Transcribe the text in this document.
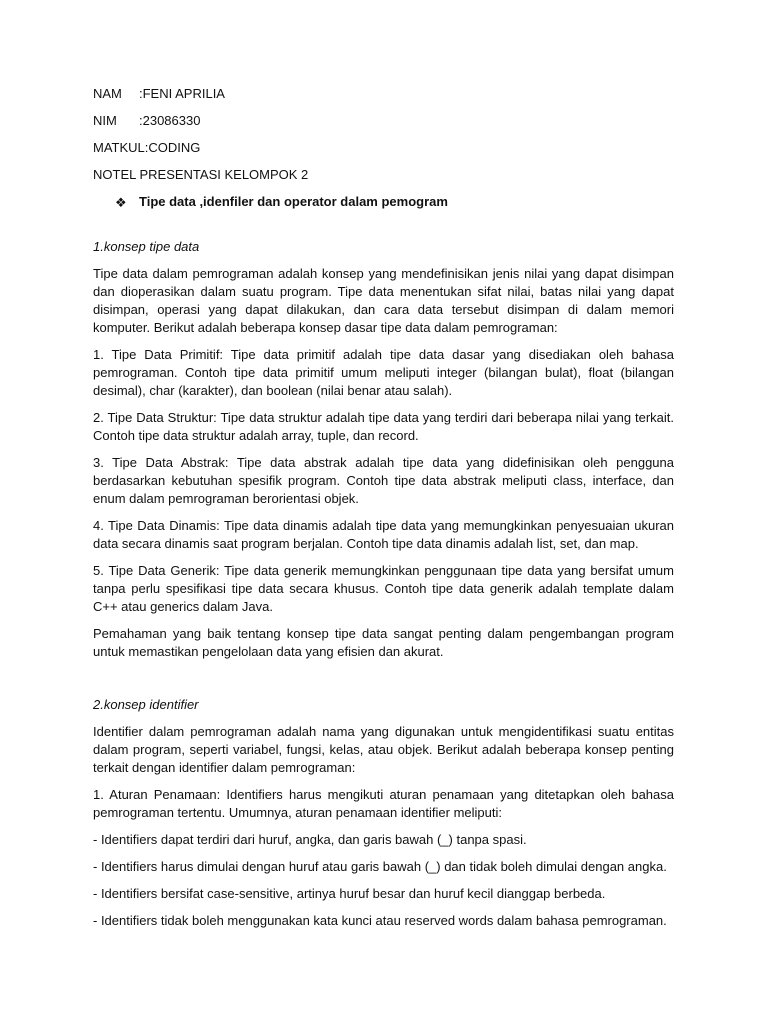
NAM :FENI APRILIA
NIM :23086330
MATKUL:CODING
NOTEL PRESENTASI KELOMPOK 2
❖ Tipe data ,idenfiler dan operator dalam pemogram

1.konsep tipe data

Tipe data dalam pemrograman adalah konsep yang mendefinisikan jenis nilai yang dapat disimpan dan dioperasikan dalam suatu program. Tipe data menentukan sifat nilai, batas nilai yang dapat disimpan, operasi yang dapat dilakukan, dan cara data tersebut disimpan di dalam memori komputer. Berikut adalah beberapa konsep dasar tipe data dalam pemrograman:

1. Tipe Data Primitif: Tipe data primitif adalah tipe data dasar yang disediakan oleh bahasa pemrograman. Contoh tipe data primitif umum meliputi integer (bilangan bulat), float (bilangan desimal), char (karakter), dan boolean (nilai benar atau salah).

2. Tipe Data Struktur: Tipe data struktur adalah tipe data yang terdiri dari beberapa nilai yang terkait. Contoh tipe data struktur adalah array, tuple, dan record.

3. Tipe Data Abstrak: Tipe data abstrak adalah tipe data yang didefinisikan oleh pengguna berdasarkan kebutuhan spesifik program. Contoh tipe data abstrak meliputi class, interface, dan enum dalam pemrograman berorientasi objek.

4. Tipe Data Dinamis: Tipe data dinamis adalah tipe data yang memungkinkan penyesuaian ukuran data secara dinamis saat program berjalan. Contoh tipe data dinamis adalah list, set, dan map.

5. Tipe Data Generik: Tipe data generik memungkinkan penggunaan tipe data yang bersifat umum tanpa perlu spesifikasi tipe data secara khusus. Contoh tipe data generik adalah template dalam C++ atau generics dalam Java.

Pemahaman yang baik tentang konsep tipe data sangat penting dalam pengembangan program untuk memastikan pengelolaan data yang efisien dan akurat.

2.konsep identifier

Identifier dalam pemrograman adalah nama yang digunakan untuk mengidentifikasi suatu entitas dalam program, seperti variabel, fungsi, kelas, atau objek. Berikut adalah beberapa konsep penting terkait dengan identifier dalam pemrograman:

1. Aturan Penamaan: Identifiers harus mengikuti aturan penamaan yang ditetapkan oleh bahasa pemrograman tertentu. Umumnya, aturan penamaan identifier meliputi:

- Identifiers dapat terdiri dari huruf, angka, dan garis bawah (_) tanpa spasi.

- Identifiers harus dimulai dengan huruf atau garis bawah (_) dan tidak boleh dimulai dengan angka.

- Identifiers bersifat case-sensitive, artinya huruf besar dan huruf kecil dianggap berbeda.

- Identifiers tidak boleh menggunakan kata kunci atau reserved words dalam bahasa pemrograman.
